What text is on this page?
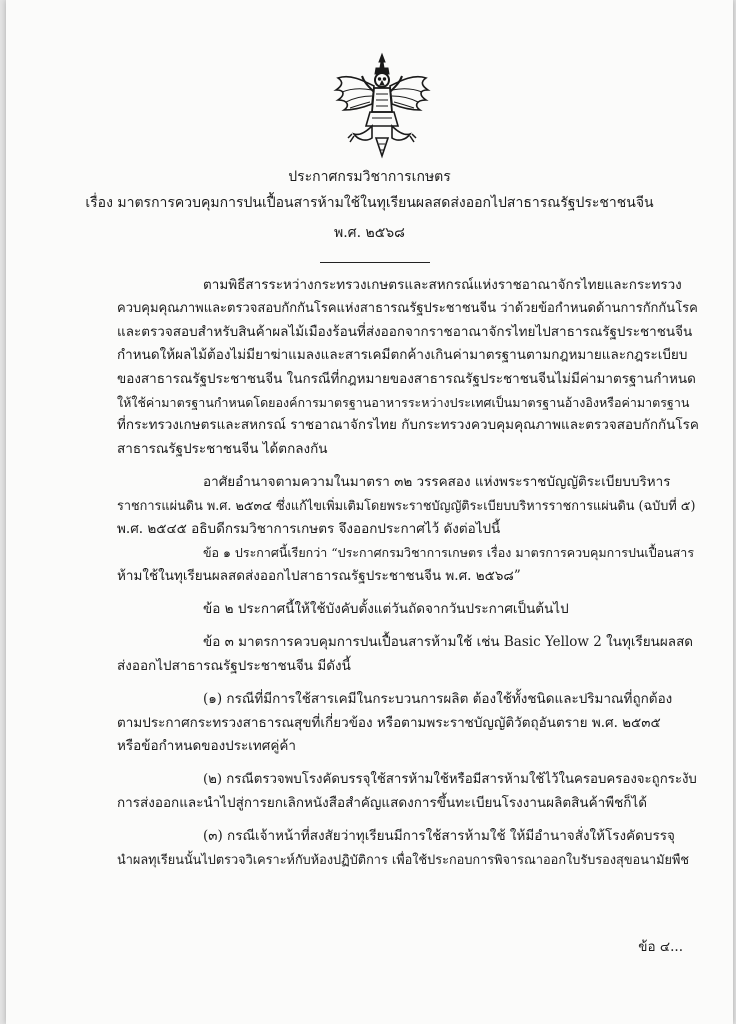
ประกาศกรมวิชาการเกษตร
เรื่อง มาตรการควบคุมการปนเปื้อนสารห้ามใช้ในทุเรียนผลสดส่งออกไปสาธารณรัฐประชาชนจีน
พ.ศ. ๒๕๖๘
ตามพิธีสารระหว่างกระทรวงเกษตรและสหกรณ์แห่งราชอาณาจักรไทยและกระทรวง
ควบคุมคุณภาพและตรวจสอบกักกันโรคแห่งสาธารณรัฐประชาชนจีน ว่าด้วยข้อกำหนดด้านการกักกันโรค
และตรวจสอบสำหรับสินค้าผลไม้เมืองร้อนที่ส่งออกจากราชอาณาจักรไทยไปสาธารณรัฐประชาชนจีน
กำหนดให้ผลไม้ต้องไม่มียาฆ่าแมลงและสารเคมีตกค้างเกินค่ามาตรฐานตามกฎหมายและกฎระเบียบ
ของสาธารณรัฐประชาชนจีน ในกรณีที่กฎหมายของสาธารณรัฐประชาชนจีนไม่มีค่ามาตรฐานกำหนด
ให้ใช้ค่ามาตรฐานกำหนดโดยองค์การมาตรฐานอาหารระหว่างประเทศเป็นมาตรฐานอ้างอิงหรือค่ามาตรฐาน
ที่กระทรวงเกษตรและสหกรณ์ ราชอาณาจักรไทย กับกระทรวงควบคุมคุณภาพและตรวจสอบกักกันโรค
สาธารณรัฐประชาชนจีน ได้ตกลงกัน
อาศัยอำนาจตามความในมาตรา ๓๒ วรรคสอง แห่งพระราชบัญญัติระเบียบบริหาร
ราชการแผ่นดิน พ.ศ. ๒๕๓๔ ซึ่งแก้ไขเพิ่มเติมโดยพระราชบัญญัติระเบียบบริหารราชการแผ่นดิน (ฉบับที่ ๕)
พ.ศ. ๒๕๔๕ อธิบดีกรมวิชาการเกษตร จึงออกประกาศไว้ ดังต่อไปนี้
ข้อ ๑ ประกาศนี้เรียกว่า “ประกาศกรมวิชาการเกษตร เรื่อง มาตรการควบคุมการปนเปื้อนสาร
ห้ามใช้ในทุเรียนผลสดส่งออกไปสาธารณรัฐประชาชนจีน พ.ศ. ๒๕๖๘”
ข้อ ๒ ประกาศนี้ให้ใช้บังคับตั้งแต่วันถัดจากวันประกาศเป็นต้นไป
ข้อ ๓ มาตรการควบคุมการปนเปื้อนสารห้ามใช้ เช่น Basic Yellow 2 ในทุเรียนผลสด
ส่งออกไปสาธารณรัฐประชาชนจีน มีดังนี้
(๑) กรณีที่มีการใช้สารเคมีในกระบวนการผลิต ต้องใช้ทั้งชนิดและปริมาณที่ถูกต้อง
ตามประกาศกระทรวงสาธารณสุขที่เกี่ยวข้อง หรือตามพระราชบัญญัติวัตถุอันตราย พ.ศ. ๒๕๓๕
หรือข้อกำหนดของประเทศคู่ค้า
(๒) กรณีตรวจพบโรงคัดบรรจุใช้สารห้ามใช้หรือมีสารห้ามใช้ไว้ในครอบครองจะถูกระงับ
การส่งออกและนำไปสู่การยกเลิกหนังสือสำคัญแสดงการขึ้นทะเบียนโรงงานผลิตสินค้าพืชก็ได้
(๓) กรณีเจ้าหน้าที่สงสัยว่าทุเรียนมีการใช้สารห้ามใช้ ให้มีอำนาจสั่งให้โรงคัดบรรจุ
นำผลทุเรียนนั้นไปตรวจวิเคราะห์กับห้องปฏิบัติการ เพื่อใช้ประกอบการพิจารณาออกใบรับรองสุขอนามัยพืช
ข้อ ๔...
